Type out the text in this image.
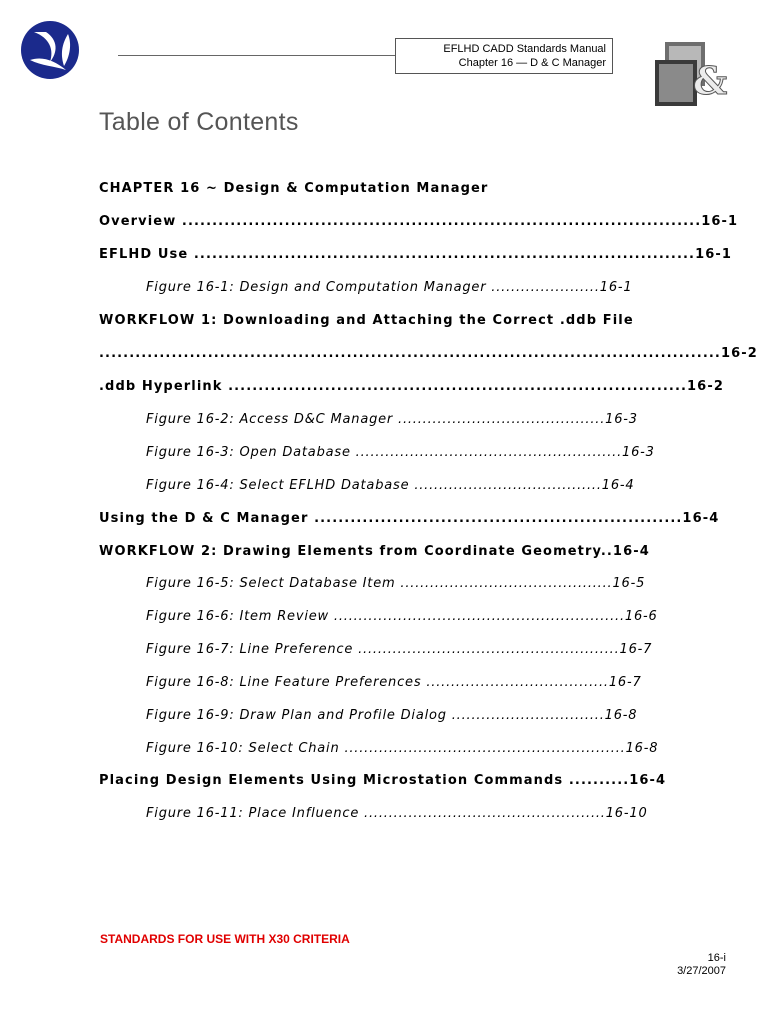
EFLHD CADD Standards Manual
Chapter 16 — D & C Manager &
Table of Contents
CHAPTER 16 ~ Design & Computation Manager
Overview ......................................................................................16-1
EFLHD Use ...................................................................................16-1
Figure 16-1: Design and Computation Manager ......................16-1
WORKFLOW 1: Downloading and Attaching the Correct .ddb File
.......................................................................................................16-2
.ddb Hyperlink ............................................................................16-2
Figure 16-2: Access D&C Manager ..........................................16-3
Figure 16-3: Open Database ......................................................16-3
Figure 16-4: Select EFLHD Database ......................................16-4
Using the D & C Manager .............................................................16-4
WORKFLOW 2: Drawing Elements from Coordinate Geometry..16-4
Figure 16-5: Select Database Item ...........................................16-5
Figure 16-6: Item Review ...........................................................16-6
Figure 16-7: Line Preference .....................................................16-7
Figure 16-8: Line Feature Preferences .....................................16-7
Figure 16-9: Draw Plan and Profile Dialog ...............................16-8
Figure 16-10: Select Chain .........................................................16-8
Placing Design Elements Using Microstation Commands ..........16-4
Figure 16-11: Place Influence .................................................16-10
STANDARDS FOR USE WITH X30 CRITERIA
16-i
3/27/2007
